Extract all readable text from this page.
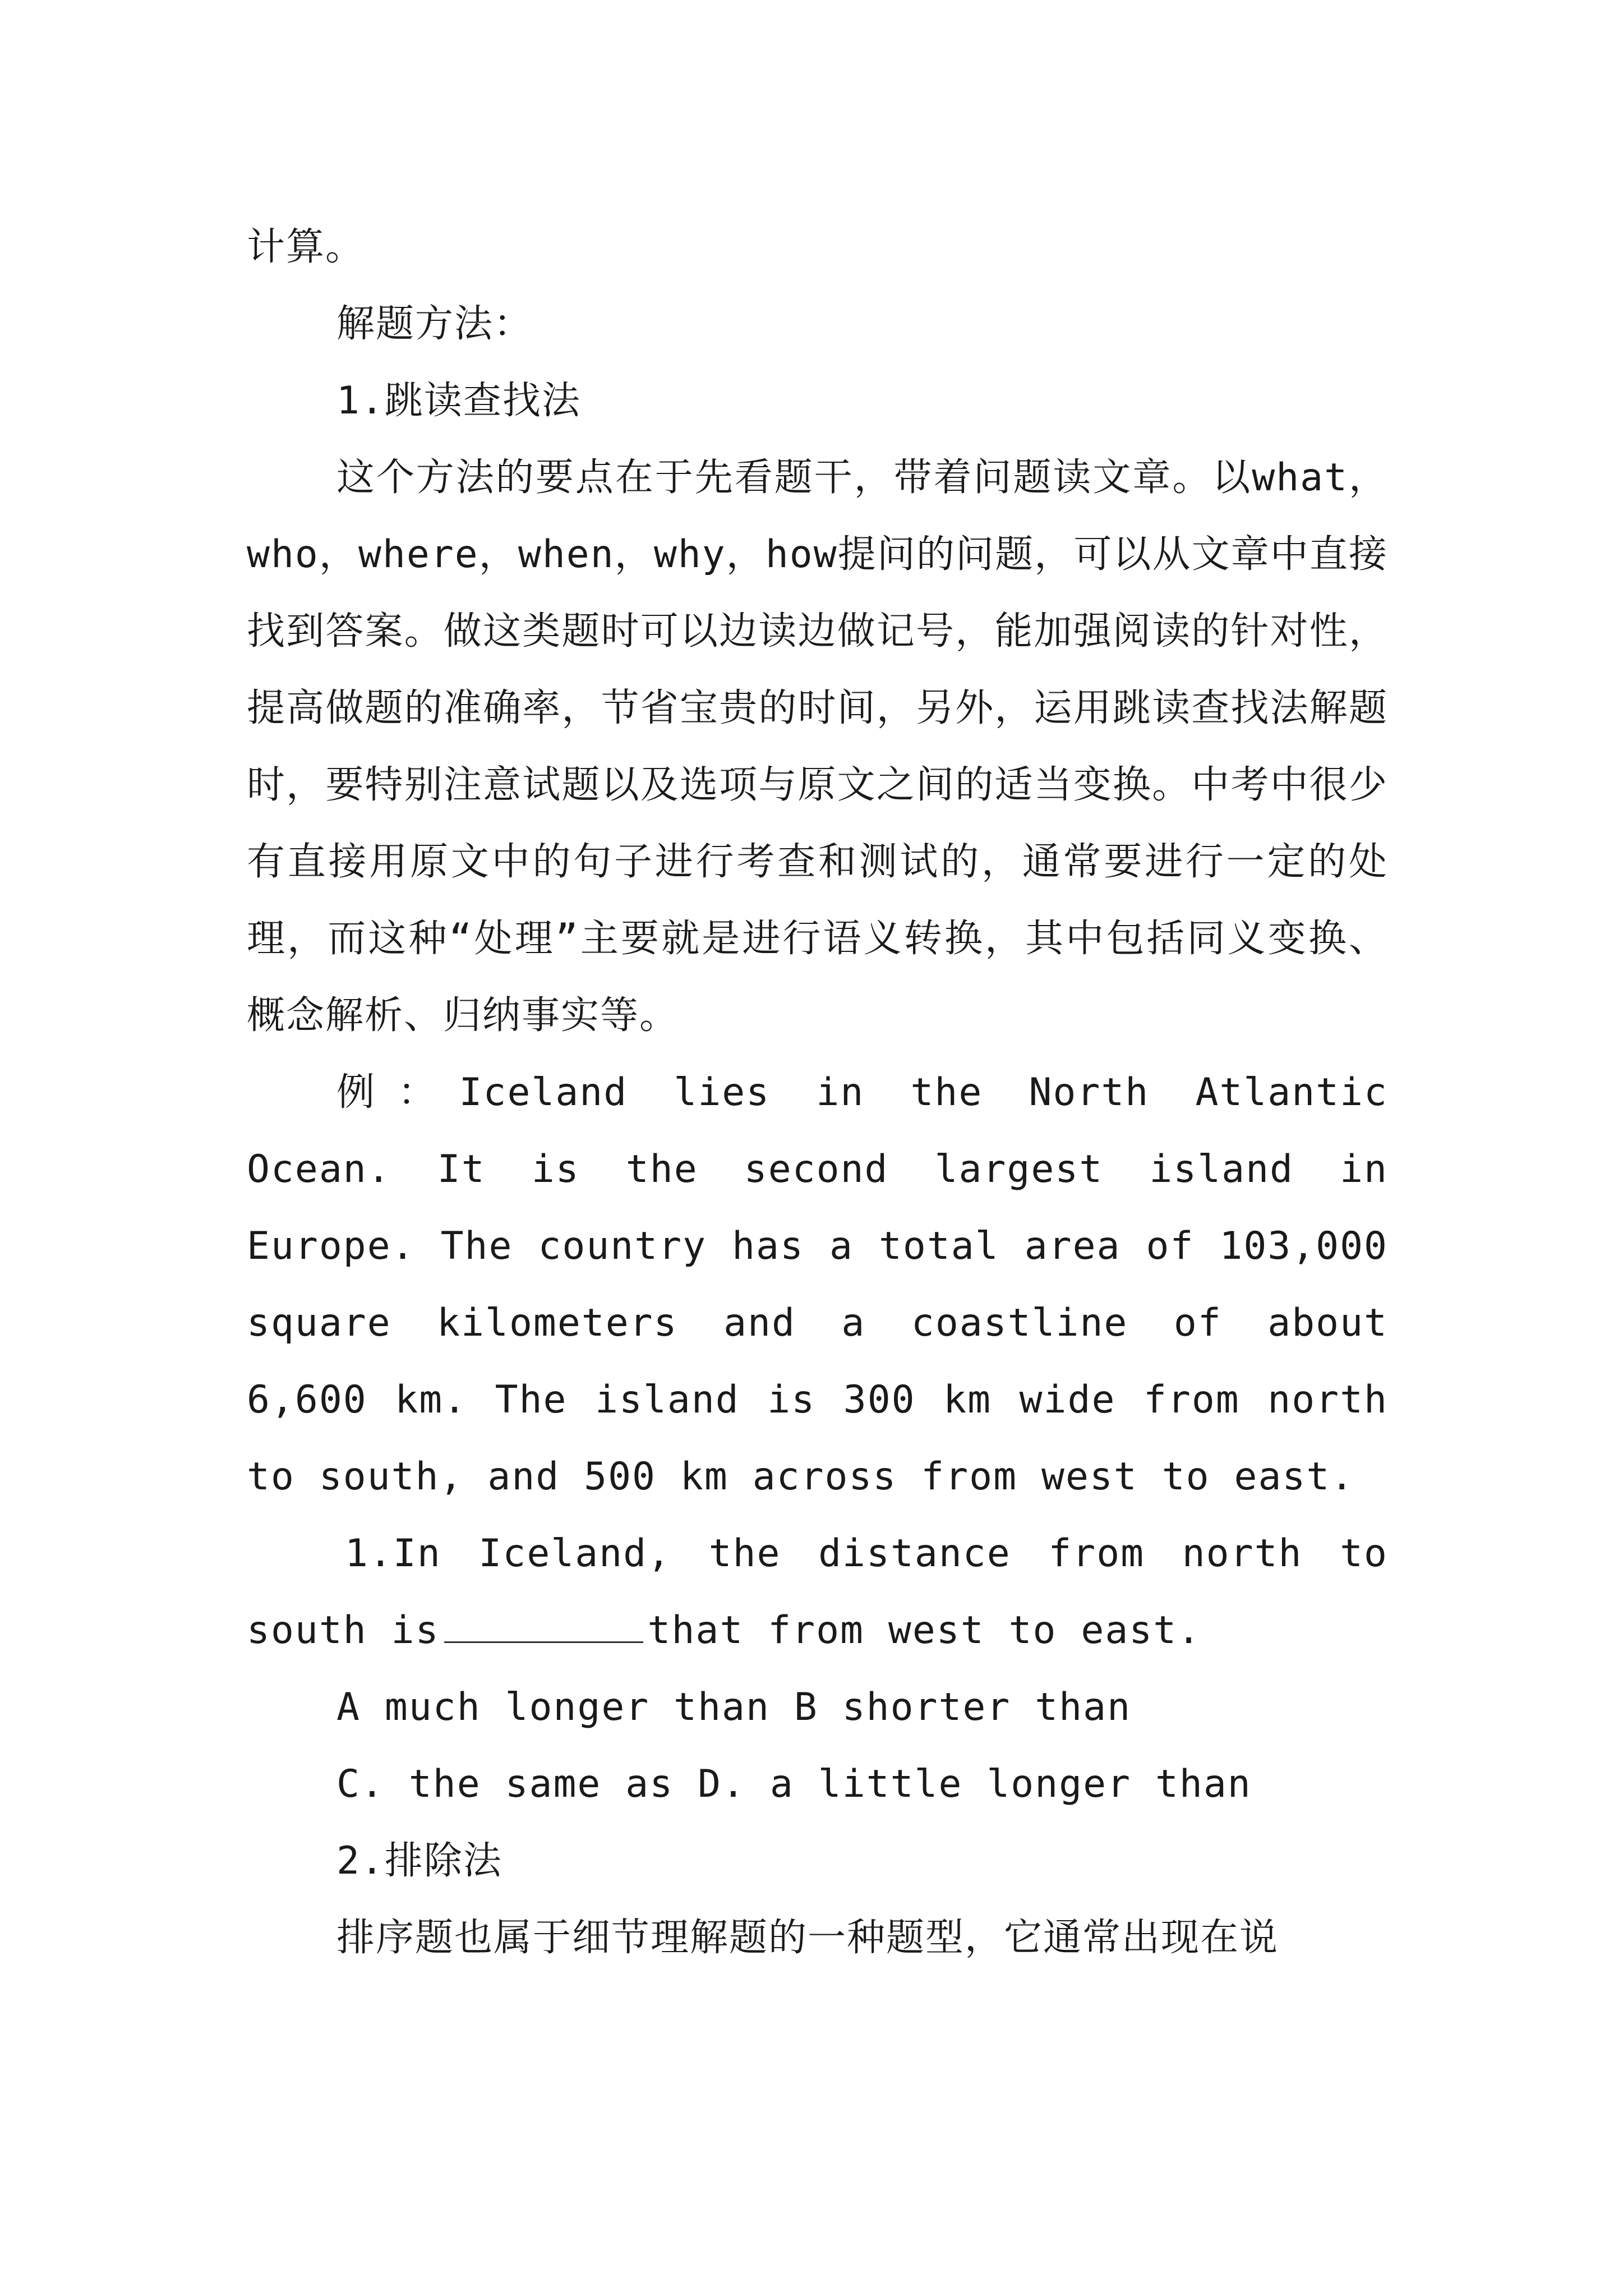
计算。

解题方法：

1.跳读查找法

这个方法的要点在于先看题干，带着问题读文章。以what，who，where，when，why，how提问的问题，可以从文章中直接找到答案。做这类题时可以边读边做记号，能加强阅读的针对性，提高做题的准确率，节省宝贵的时间，另外，运用跳读查找法解题时，要特别注意试题以及选项与原文之间的适当变换。中考中很少有直接用原文中的句子进行考查和测试的，通常要进行一定的处理，而这种“处理”主要就是进行语义转换，其中包括同义变换、概念解析、归纳事实等。

例：Iceland lies in the North Atlantic Ocean. It is the second largest island in Europe. The country has a total area of 103,000 square kilometers and a coastline of about 6,600 km. The island is 300 km wide from north to south, and 500 km across from west to east.

1.In Iceland, the distance from north to south is	that from west to east.

A much longer than B shorter than

C. the same as D. a little longer than

2.排除法

排序题也属于细节理解题的一种题型，它通常出现在说
